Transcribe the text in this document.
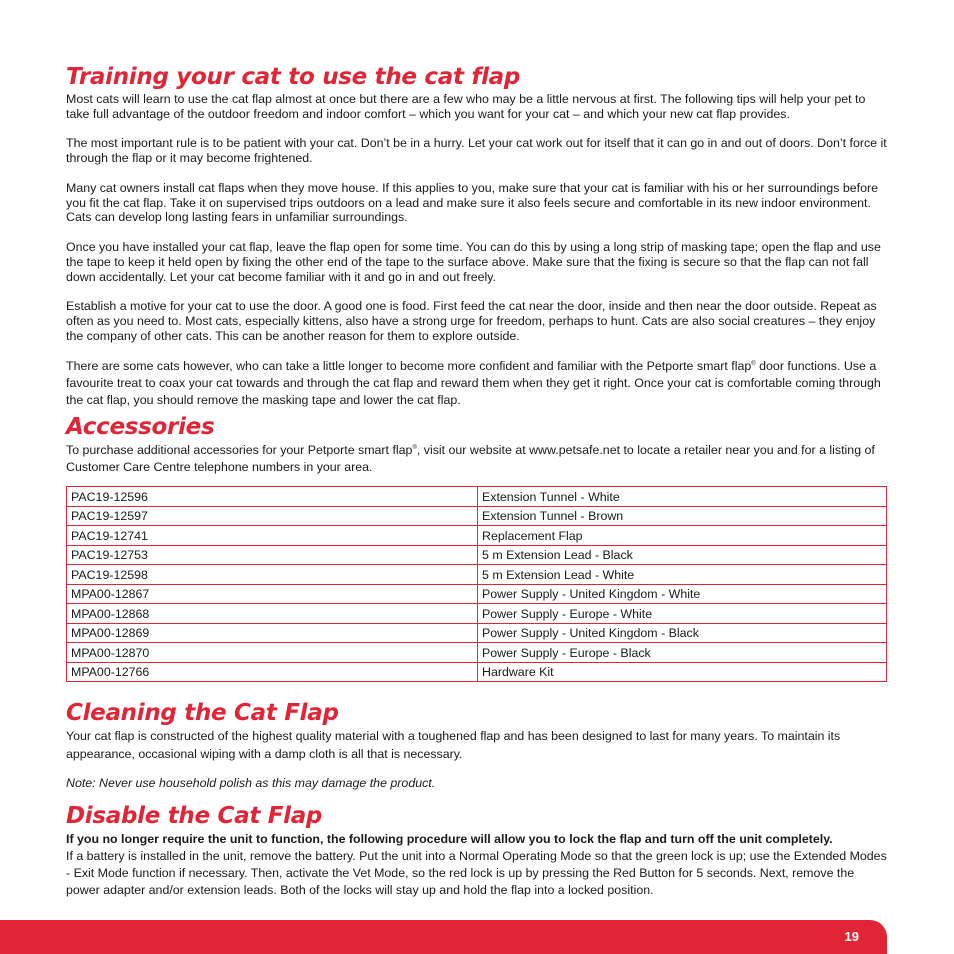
Training your cat to use the cat flap

Most cats will learn to use the cat flap almost at once but there are a few who may be a little nervous at first. The following tips will help your pet to take full advantage of the outdoor freedom and indoor comfort – which you want for your cat – and which your new cat flap provides.

The most important rule is to be patient with your cat. Don’t be in a hurry. Let your cat work out for itself that it can go in and out of doors. Don’t force it through the flap or it may become frightened.

Many cat owners install cat flaps when they move house. If this applies to you, make sure that your cat is familiar with his or her surroundings before you fit the cat flap. Take it on supervised trips outdoors on a lead and make sure it also feels secure and comfortable in its new indoor environment. Cats can develop long lasting fears in unfamiliar surroundings.

Once you have installed your cat flap, leave the flap open for some time. You can do this by using a long strip of masking tape; open the flap and use the tape to keep it held open by fixing the other end of the tape to the surface above. Make sure that the fixing is secure so that the flap can not fall down accidentally. Let your cat become familiar with it and go in and out freely.

Establish a motive for your cat to use the door. A good one is food. First feed the cat near the door, inside and then near the door outside. Repeat as often as you need to. Most cats, especially kittens, also have a strong urge for freedom, perhaps to hunt. Cats are also social creatures – they enjoy the company of other cats. This can be another reason for them to explore outside.

There are some cats however, who can take a little longer to become more confident and familiar with the Petporte smart flap® door functions. Use a favourite treat to coax your cat towards and through the cat flap and reward them when they get it right. Once your cat is comfortable coming through the cat flap, you should remove the masking tape and lower the cat flap.

Accessories

To purchase additional accessories for your Petporte smart flap®, visit our website at www.petsafe.net to locate a retailer near you and for a listing of Customer Care Centre telephone numbers in your area.

PAC19-12596	Extension Tunnel - White
PAC19-12597	Extension Tunnel - Brown
PAC19-12741	Replacement Flap
PAC19-12753	5 m Extension Lead - Black
PAC19-12598	5 m Extension Lead - White
MPA00-12867	Power Supply - United Kingdom - White
MPA00-12868	Power Supply - Europe - White
MPA00-12869	Power Supply - United Kingdom - Black
MPA00-12870	Power Supply - Europe - Black
MPA00-12766	Hardware Kit
Cleaning the Cat Flap

Your cat flap is constructed of the highest quality material with a toughened flap and has been designed to last for many years. To maintain its appearance, occasional wiping with a damp cloth is all that is necessary.

Note: Never use household polish as this may damage the product.

Disable the Cat Flap

If you no longer require the unit to function, the following procedure will allow you to lock the flap and turn off the unit completely.

If a battery is installed in the unit, remove the battery. Put the unit into a Normal Operating Mode so that the green lock is up; use the Extended Modes - Exit Mode function if necessary. Then, activate the Vet Mode, so the red lock is up by pressing the Red Button for 5 seconds. Next, remove the power adapter and/or extension leads. Both of the locks will stay up and hold the flap into a locked position.

19
